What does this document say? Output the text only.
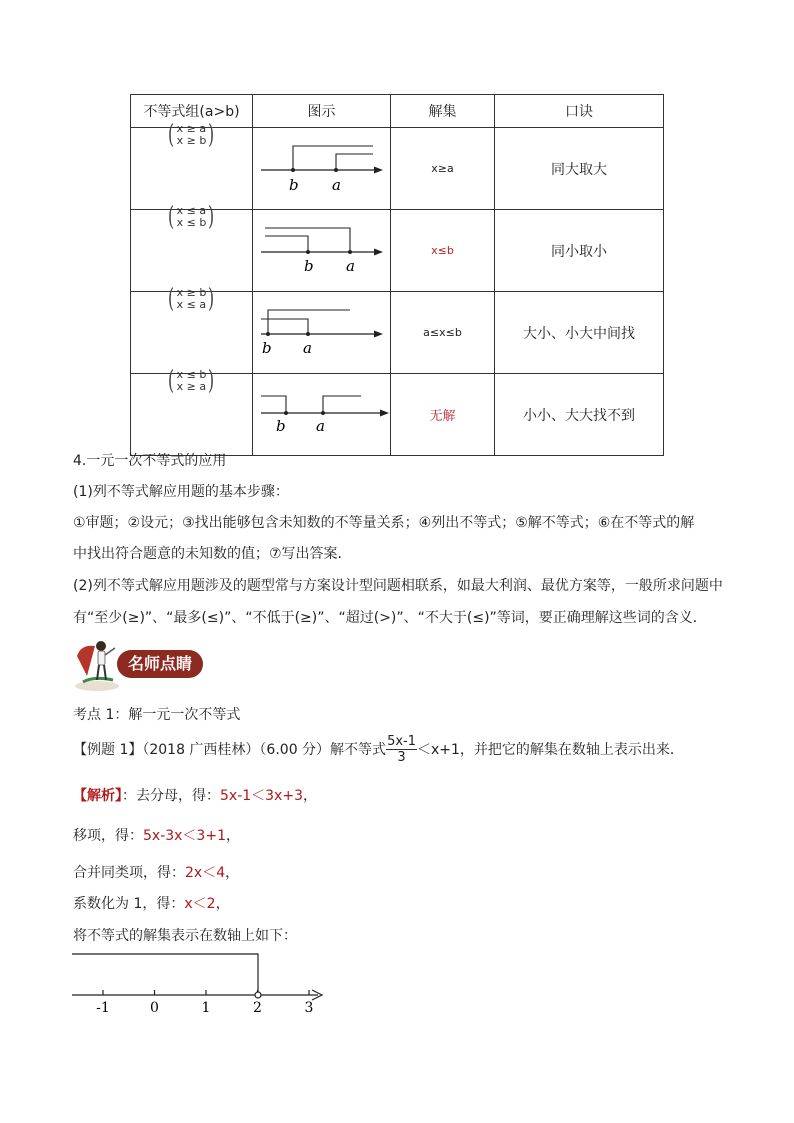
不等式组(a>b)	图示	解集	口诀

( x ≥ a
x ≥ b )	b a	x≥a	同大取大

( x ≤ a
x ≤ b )	b a	x≤b	同小取小

( x ≥ b
x ≤ a )	b a	a≤x≤b	大小、小大中间找

( x ≤ b
x ≥ a )	b a	无解	小小、大大找不到
4.一元一次不等式的应用
(1)列不等式解应用题的基本步骤：
①审题；②设元；③找出能够包含未知数的不等量关系；④列出不等式；⑤解不等式；⑥在不等式的解
中找出符合题意的未知数的值；⑦写出答案．
(2)列不等式解应用题涉及的题型常与方案设计型问题相联系，如最大利润、最优方案等，一般所求问题中
有“至少(≥)”、“最多(≤)”、“不低于(≥)”、“超过(>)”、“不大于(≤)”等词，要正确理解这些词的含义．
名师点睛
考点 1：解一元一次不等式
【例题 1】（2018 广西桂林）（6.00 分）解不等式 $\frac{5x-1}{3} <x+1$，并把它的解集在数轴上表示出来．
【解析】：去分母，得：5x-1＜3x+3，
移项，得：5x-3x＜3+1，
合并同类项，得：2x＜4，
系数化为 1，得：x＜2，
将不等式的解集表示在数轴上如下：
-1	0	1	2	3
